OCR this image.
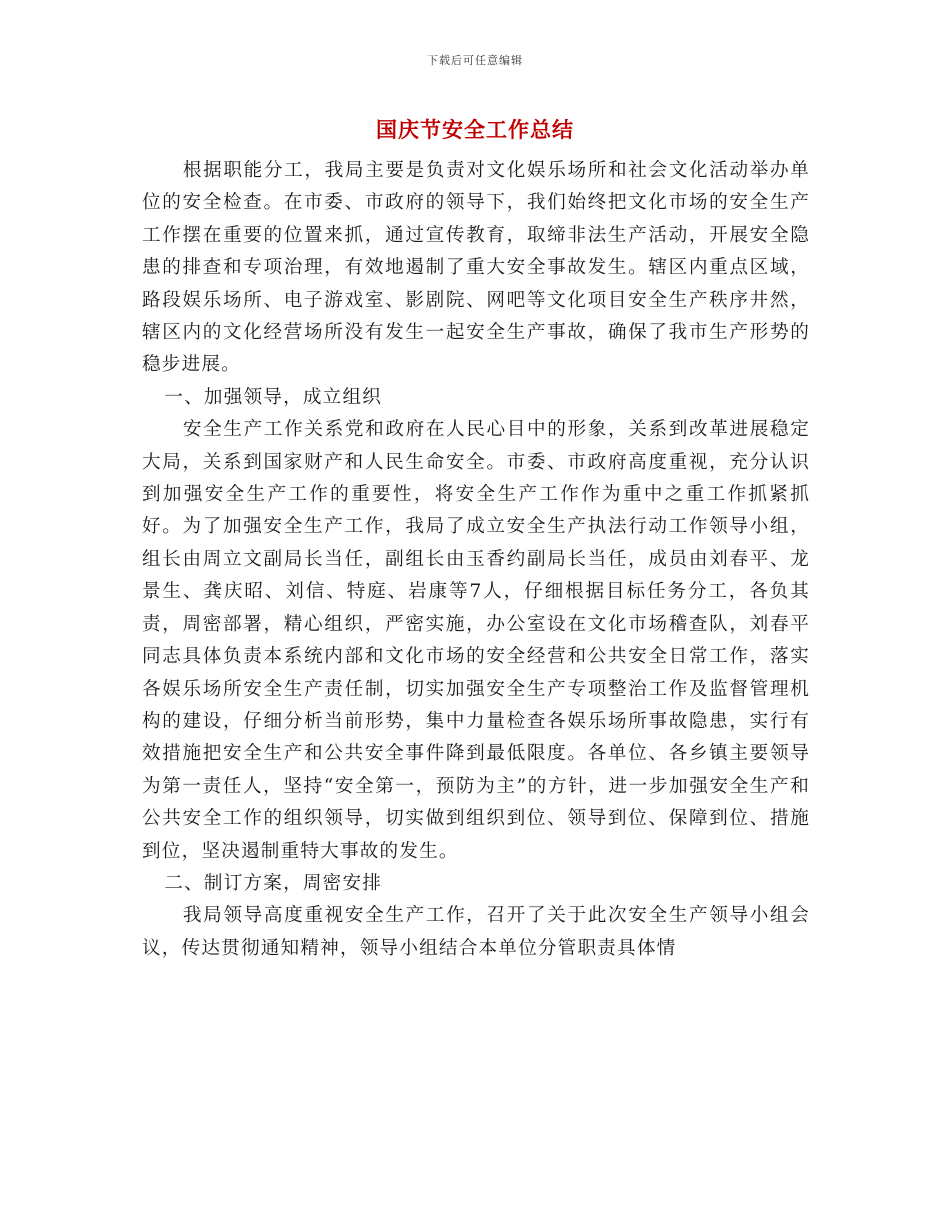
下载后可任意编辑
国庆节安全工作总结

根据职能分工，我局主要是负责对文化娱乐场所和社会文化活动举办单位的安全检查。在市委、市政府的领导下，我们始终把文化市场的安全生产工作摆在重要的位置来抓，通过宣传教育，取缔非法生产活动，开展安全隐患的排查和专项治理，有效地遏制了重大安全事故发生。辖区内重点区域，路段娱乐场所、电子游戏室、影剧院、网吧等文化项目安全生产秩序井然，辖区内的文化经营场所没有发生一起安全生产事故，确保了我市生产形势的稳步进展。

一、加强领导，成立组织

安全生产工作关系党和政府在人民心目中的形象，关系到改革进展稳定大局，关系到国家财产和人民生命安全。市委、市政府高度重视，充分认识到加强安全生产工作的重要性，将安全生产工作作为重中之重工作抓紧抓好。为了加强安全生产工作，我局了成立安全生产执法行动工作领导小组，组长由周立文副局长当任，副组长由玉香约副局长当任，成员由刘春平、龙景生、龚庆昭、刘信、特庭、岩康等7人，仔细根据目标任务分工，各负其责，周密部署，精心组织，严密实施，办公室设在文化市场稽查队，刘春平同志具体负责本系统内部和文化市场的安全经营和公共安全日常工作，落实各娱乐场所安全生产责任制，切实加强安全生产专项整治工作及监督管理机构的建设，仔细分析当前形势，集中力量检查各娱乐场所事故隐患，实行有效措施把安全生产和公共安全事件降到最低限度。各单位、各乡镇主要领导为第一责任人，坚持“安全第一，预防为主”的方针，进一步加强安全生产和公共安全工作的组织领导，切实做到组织到位、领导到位、保障到位、措施到位，坚决遏制重特大事故的发生。

二、制订方案，周密安排

我局领导高度重视安全生产工作，召开了关于此次安全生产领导小组会议，传达贯彻通知精神，领导小组结合本单位分管职责具体情
